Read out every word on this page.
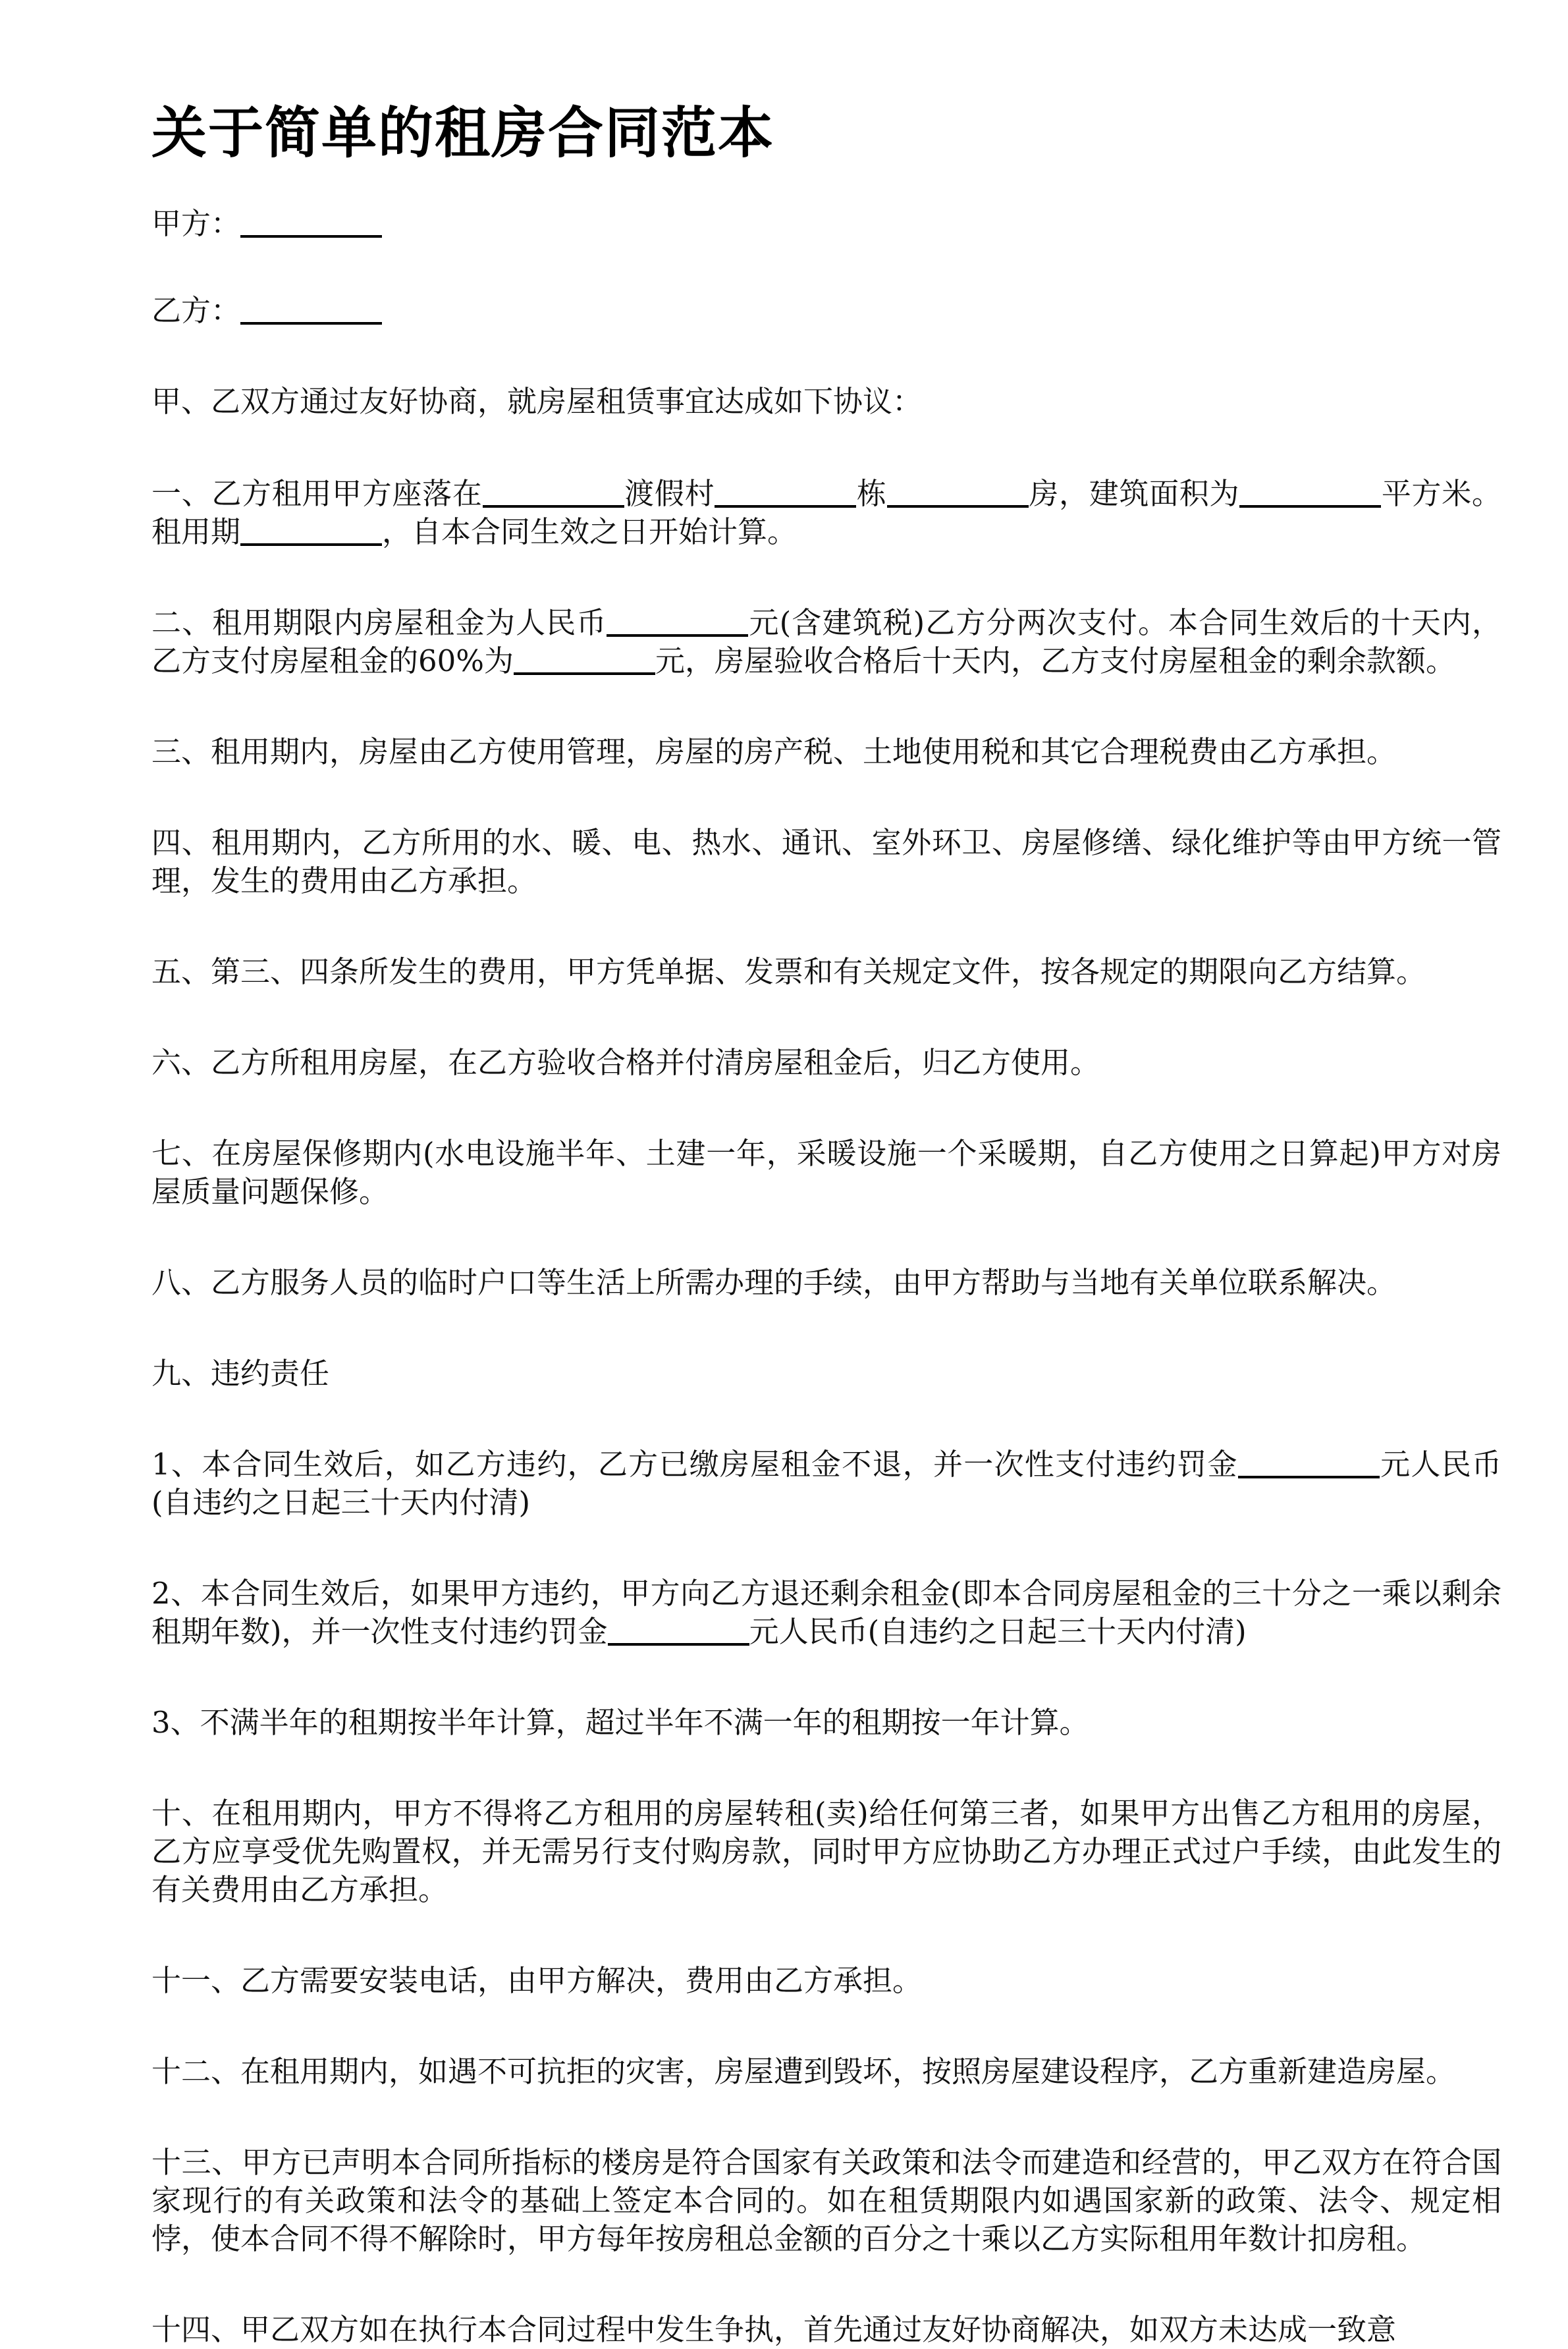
关于简单的租房合同范本

甲方：

乙方：

甲、乙双方通过友好协商，就房屋租赁事宜达成如下协议：

一、乙方租用甲方座落在	渡假村	栋	房，建筑面积为	平方米。租用期	，自本合同生效之日开始计算。

二、租用期限内房屋租金为人民币	元(含建筑税)乙方分两次支付。本合同生效后的十天内，乙方支付房屋租金的60%为	元，房屋验收合格后十天内，乙方支付房屋租金的剩余款额。

三、租用期内，房屋由乙方使用管理，房屋的房产税、土地使用税和其它合理税费由乙方承担。

四、租用期内，乙方所用的水、暖、电、热水、通讯、室外环卫、房屋修缮、绿化维护等由甲方统一管理，发生的费用由乙方承担。

五、第三、四条所发生的费用，甲方凭单据、发票和有关规定文件，按各规定的期限向乙方结算。

六、乙方所租用房屋，在乙方验收合格并付清房屋租金后，归乙方使用。

七、在房屋保修期内(水电设施半年、土建一年，采暖设施一个采暖期，自乙方使用之日算起)甲方对房屋质量问题保修。

八、乙方服务人员的临时户口等生活上所需办理的手续，由甲方帮助与当地有关单位联系解决。

九、违约责任

1、本合同生效后，如乙方违约，乙方已缴房屋租金不退，并一次性支付违约罚金	元人民币(自违约之日起三十天内付清)

2、本合同生效后，如果甲方违约，甲方向乙方退还剩余租金(即本合同房屋租金的三十分之一乘以剩余租期年数)，并一次性支付违约罚金	元人民币(自违约之日起三十天内付清)

3、不满半年的租期按半年计算，超过半年不满一年的租期按一年计算。

十、在租用期内，甲方不得将乙方租用的房屋转租(卖)给任何第三者，如果甲方出售乙方租用的房屋，乙方应享受优先购置权，并无需另行支付购房款，同时甲方应协助乙方办理正式过户手续，由此发生的有关费用由乙方承担。

十一、乙方需要安装电话，由甲方解决，费用由乙方承担。

十二、在租用期内，如遇不可抗拒的灾害，房屋遭到毁坏，按照房屋建设程序，乙方重新建造房屋。

十三、甲方已声明本合同所指标的楼房是符合国家有关政策和法令而建造和经营的，甲乙双方在符合国家现行的有关政策和法令的基础上签定本合同的。如在租赁期限内如遇国家新的政策、法令、规定相悖，使本合同不得不解除时，甲方每年按房租总金额的百分之十乘以乙方实际租用年数计扣房租。

十四、甲乙双方如在执行本合同过程中发生争执，首先通过友好协商解决，如双方未达成一致意
